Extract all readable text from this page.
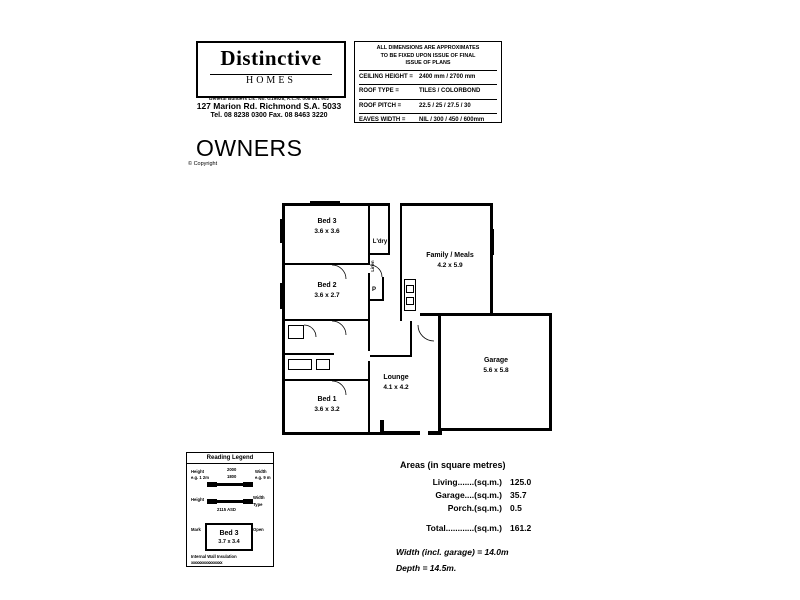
Distinctive
HOMES
General Builders Lic. No. G19928, A.C.N. 008 061 902
127 Marion Rd. Richmond S.A. 5033
Tel. 08 8238 0300 Fax. 08 8463 3220
ALL DIMENSIONS ARE APPROXIMATES
TO BE FIXED UPON ISSUE OF FINAL
ISSUE OF PLANS
CEILING HEIGHT =	2400 mm / 2700 mm
ROOF TYPE =	TILES / COLORBOND
ROOF PITCH =	22.5 / 25 / 27.5 / 30
EAVES WIDTH =	NIL / 300 / 450 / 600mm
OWNERS
© Copyright
Bed 3
3.6 x 3.6
Bed 2
3.6 x 2.7
Bed 1
3.6 x 3.2
Family / Meals
4.2 x 5.9
Garage
5.6 x 5.8
Lounge
4.1 x 4.2
L'dry
P
Linen
Reading Legend
Height
e.g. 1 2m
2000
1800
Width
e.g. 9 m
Height	Width
Type
2115 ASD
Mark	Open
Bed 3
3.7 x 3.4
Internal Wall Insulation
xxxxxxxxxxxxxxxxx
Areas (in square metres)
Living.......(sq.m.) 125.0
Garage....(sq.m.) 35.7
Porch.(sq.m.) 0.5
Total............(sq.m.) 161.2
Width (incl. garage) = 14.0m
Depth = 14.5m.
